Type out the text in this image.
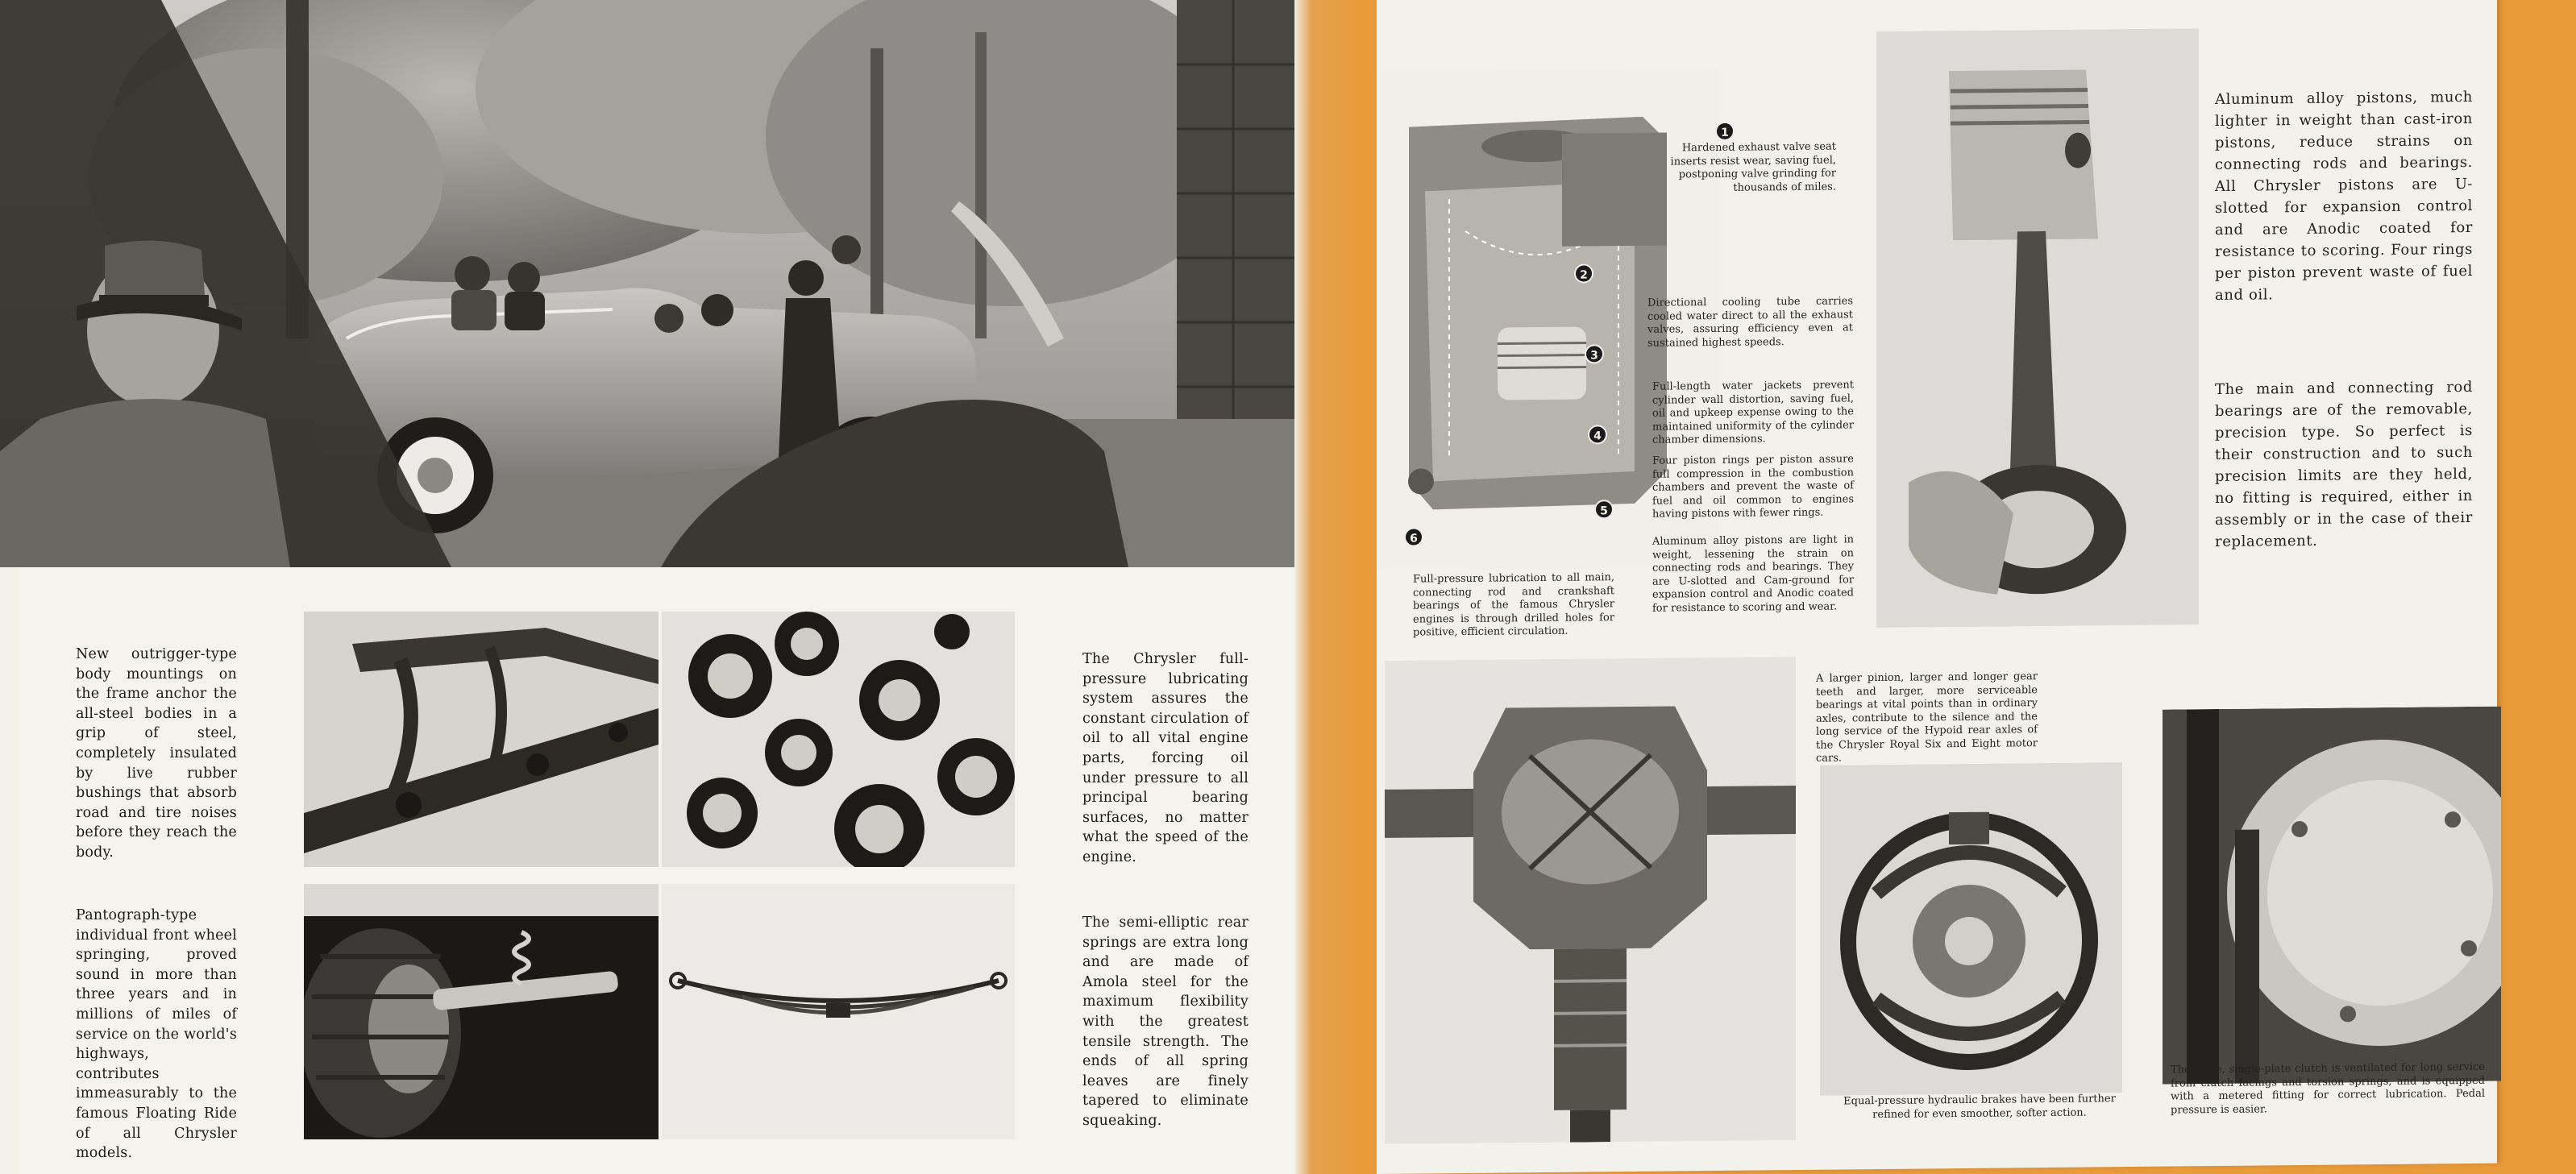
New outrigger-type body mountings on the frame anchor the all-steel bodies in a grip of steel, completely insulated by live rubber bushings that absorb road and tire noises before they reach the body.

Pantograph-type individual front wheel springing, proved sound in more than three years and in millions of miles of service on the world's highways, contributes immeasurably to the famous Floating Ride of all Chrysler models.

The Chrysler full-pressure lubricating system assures the constant circulation of oil to all vital engine parts, forcing oil under pressure to all principal bearing surfaces, no matter what the speed of the engine.

The semi-elliptic rear springs are extra long and are made of Amola steel for the maximum flexibility with the greatest tensile strength. The ends of all spring leaves are finely tapered to eliminate squeaking.

1
2
3
4
5
6

Hardened exhaust valve seat inserts resist wear, saving fuel, postponing valve grinding for thousands of miles.

Directional cooling tube carries cooled water direct to all the exhaust valves, assuring efficiency even at sustained highest speeds.

Full-length water jackets prevent cylinder wall distortion, saving fuel, oil and upkeep expense owing to the maintained uniformity of the cylinder chamber dimensions.

Four piston rings per piston assure full compression in the combustion chambers and prevent the waste of fuel and oil common to engines having pistons with fewer rings.

Aluminum alloy pistons are light in weight, lessening the strain on connecting rods and bearings. They are U-slotted and Cam-ground for expansion control and Anodic coated for resistance to scoring and wear.

Full-pressure lubrication to all main, connecting rod and crankshaft bearings of the famous Chrysler engines is through drilled holes for positive, efficient circulation.

Aluminum alloy pistons, much lighter in weight than cast-iron pistons, reduce strains on connecting rods and bearings. All Chrysler pistons are U-slotted for expansion control and are Anodic coated for resistance to scoring. Four rings per piston prevent waste of fuel and oil.

The main and connecting rod bearings are of the removable, precision type. So perfect is their construction and to such precision limits are they held, no fitting is required, either in assembly or in the case of their replacement.

A larger pinion, larger and longer gear teeth and larger, more serviceable bearings at vital points than in ordinary axles, contribute to the silence and the long service of the Hypoid rear axles of the Chrysler Royal Six and Eight motor cars.

Equal-pressure hydraulic brakes have been further refined for even smoother, softer action.

The large, single-plate clutch is ventilated for long service from clutch facings and torsion springs, and is equipped with a metered fitting for correct lubrication. Pedal pressure is easier.
